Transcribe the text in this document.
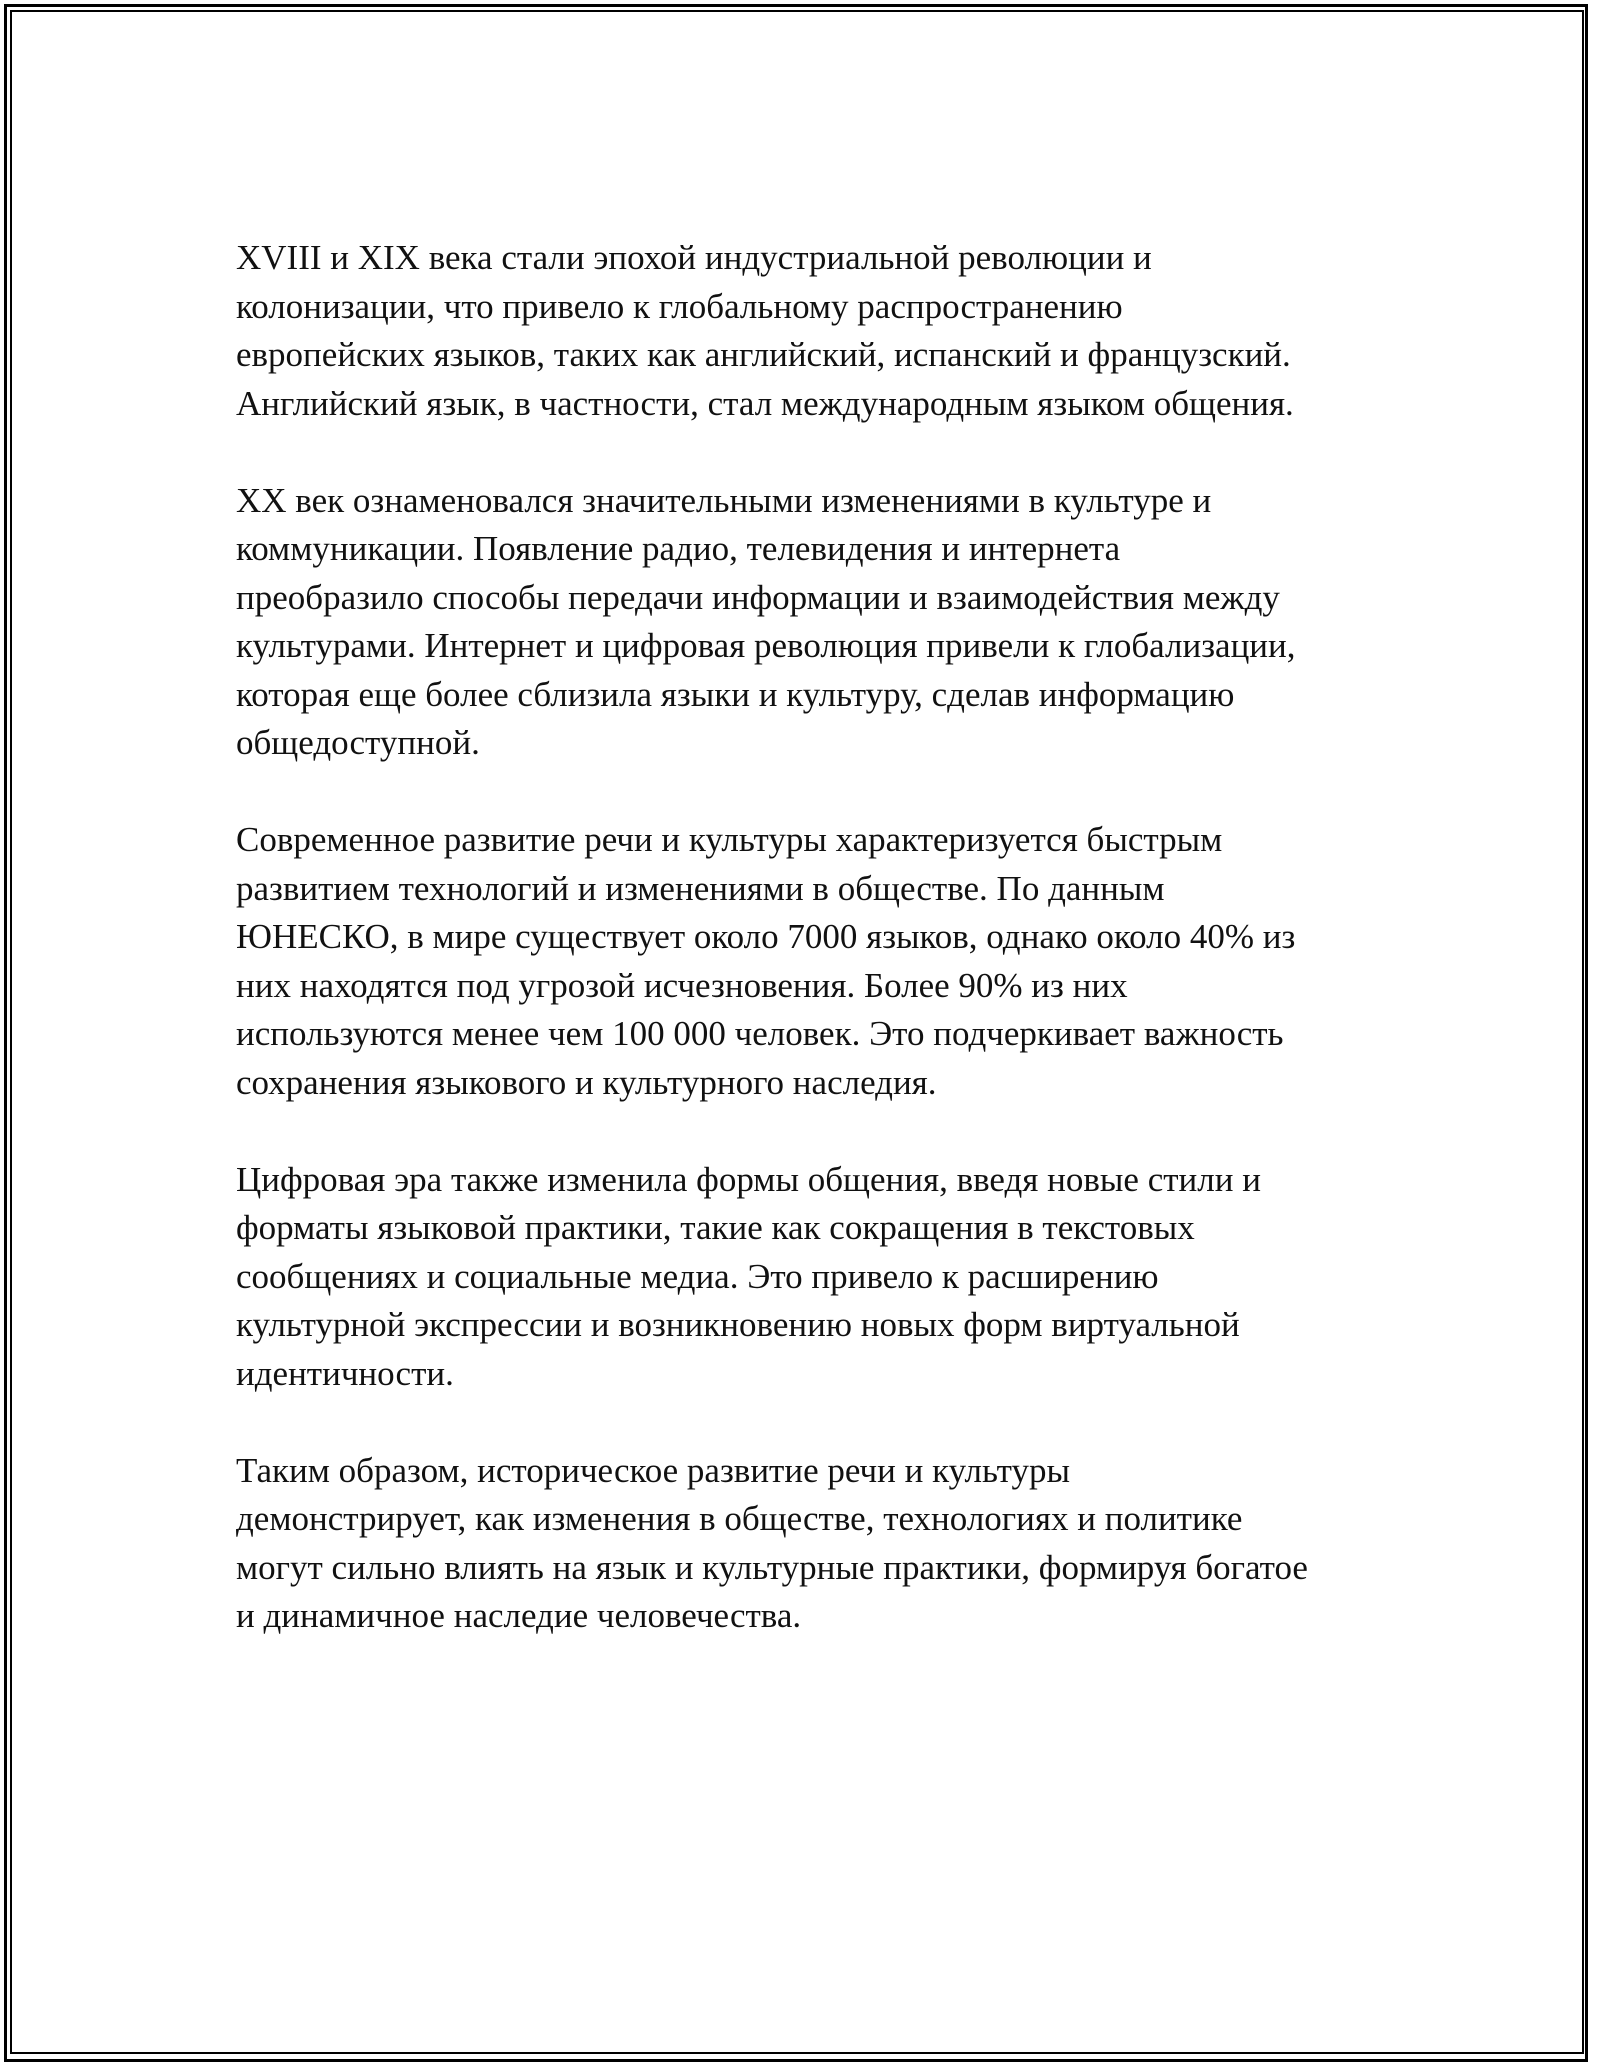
XVIII и XIX века стали эпохой индустриальной революции и
колонизации, что привело к глобальному распространению
европейских языков, таких как английский, испанский и французский.
Английский язык, в частности, стал международным языком общения.

XX век ознаменовался значительными изменениями в культуре и
коммуникации. Появление радио, телевидения и интернета
преобразило способы передачи информации и взаимодействия между
культурами. Интернет и цифровая революция привели к глобализации,
которая еще более сблизила языки и культуру, сделав информацию
общедоступной.

Современное развитие речи и культуры характеризуется быстрым
развитием технологий и изменениями в обществе. По данным
ЮНЕСКО, в мире существует около 7000 языков, однако около 40% из
них находятся под угрозой исчезновения. Более 90% из них
используются менее чем 100 000 человек. Это подчеркивает важность
сохранения языкового и культурного наследия.

Цифровая эра также изменила формы общения, введя новые стили и
форматы языковой практики, такие как сокращения в текстовых
сообщениях и социальные медиа. Это привело к расширению
культурной экспрессии и возникновению новых форм виртуальной
идентичности.

Таким образом, историческое развитие речи и культуры
демонстрирует, как изменения в обществе, технологиях и политике
могут сильно влиять на язык и культурные практики, формируя богатое
и динамичное наследие человечества.
